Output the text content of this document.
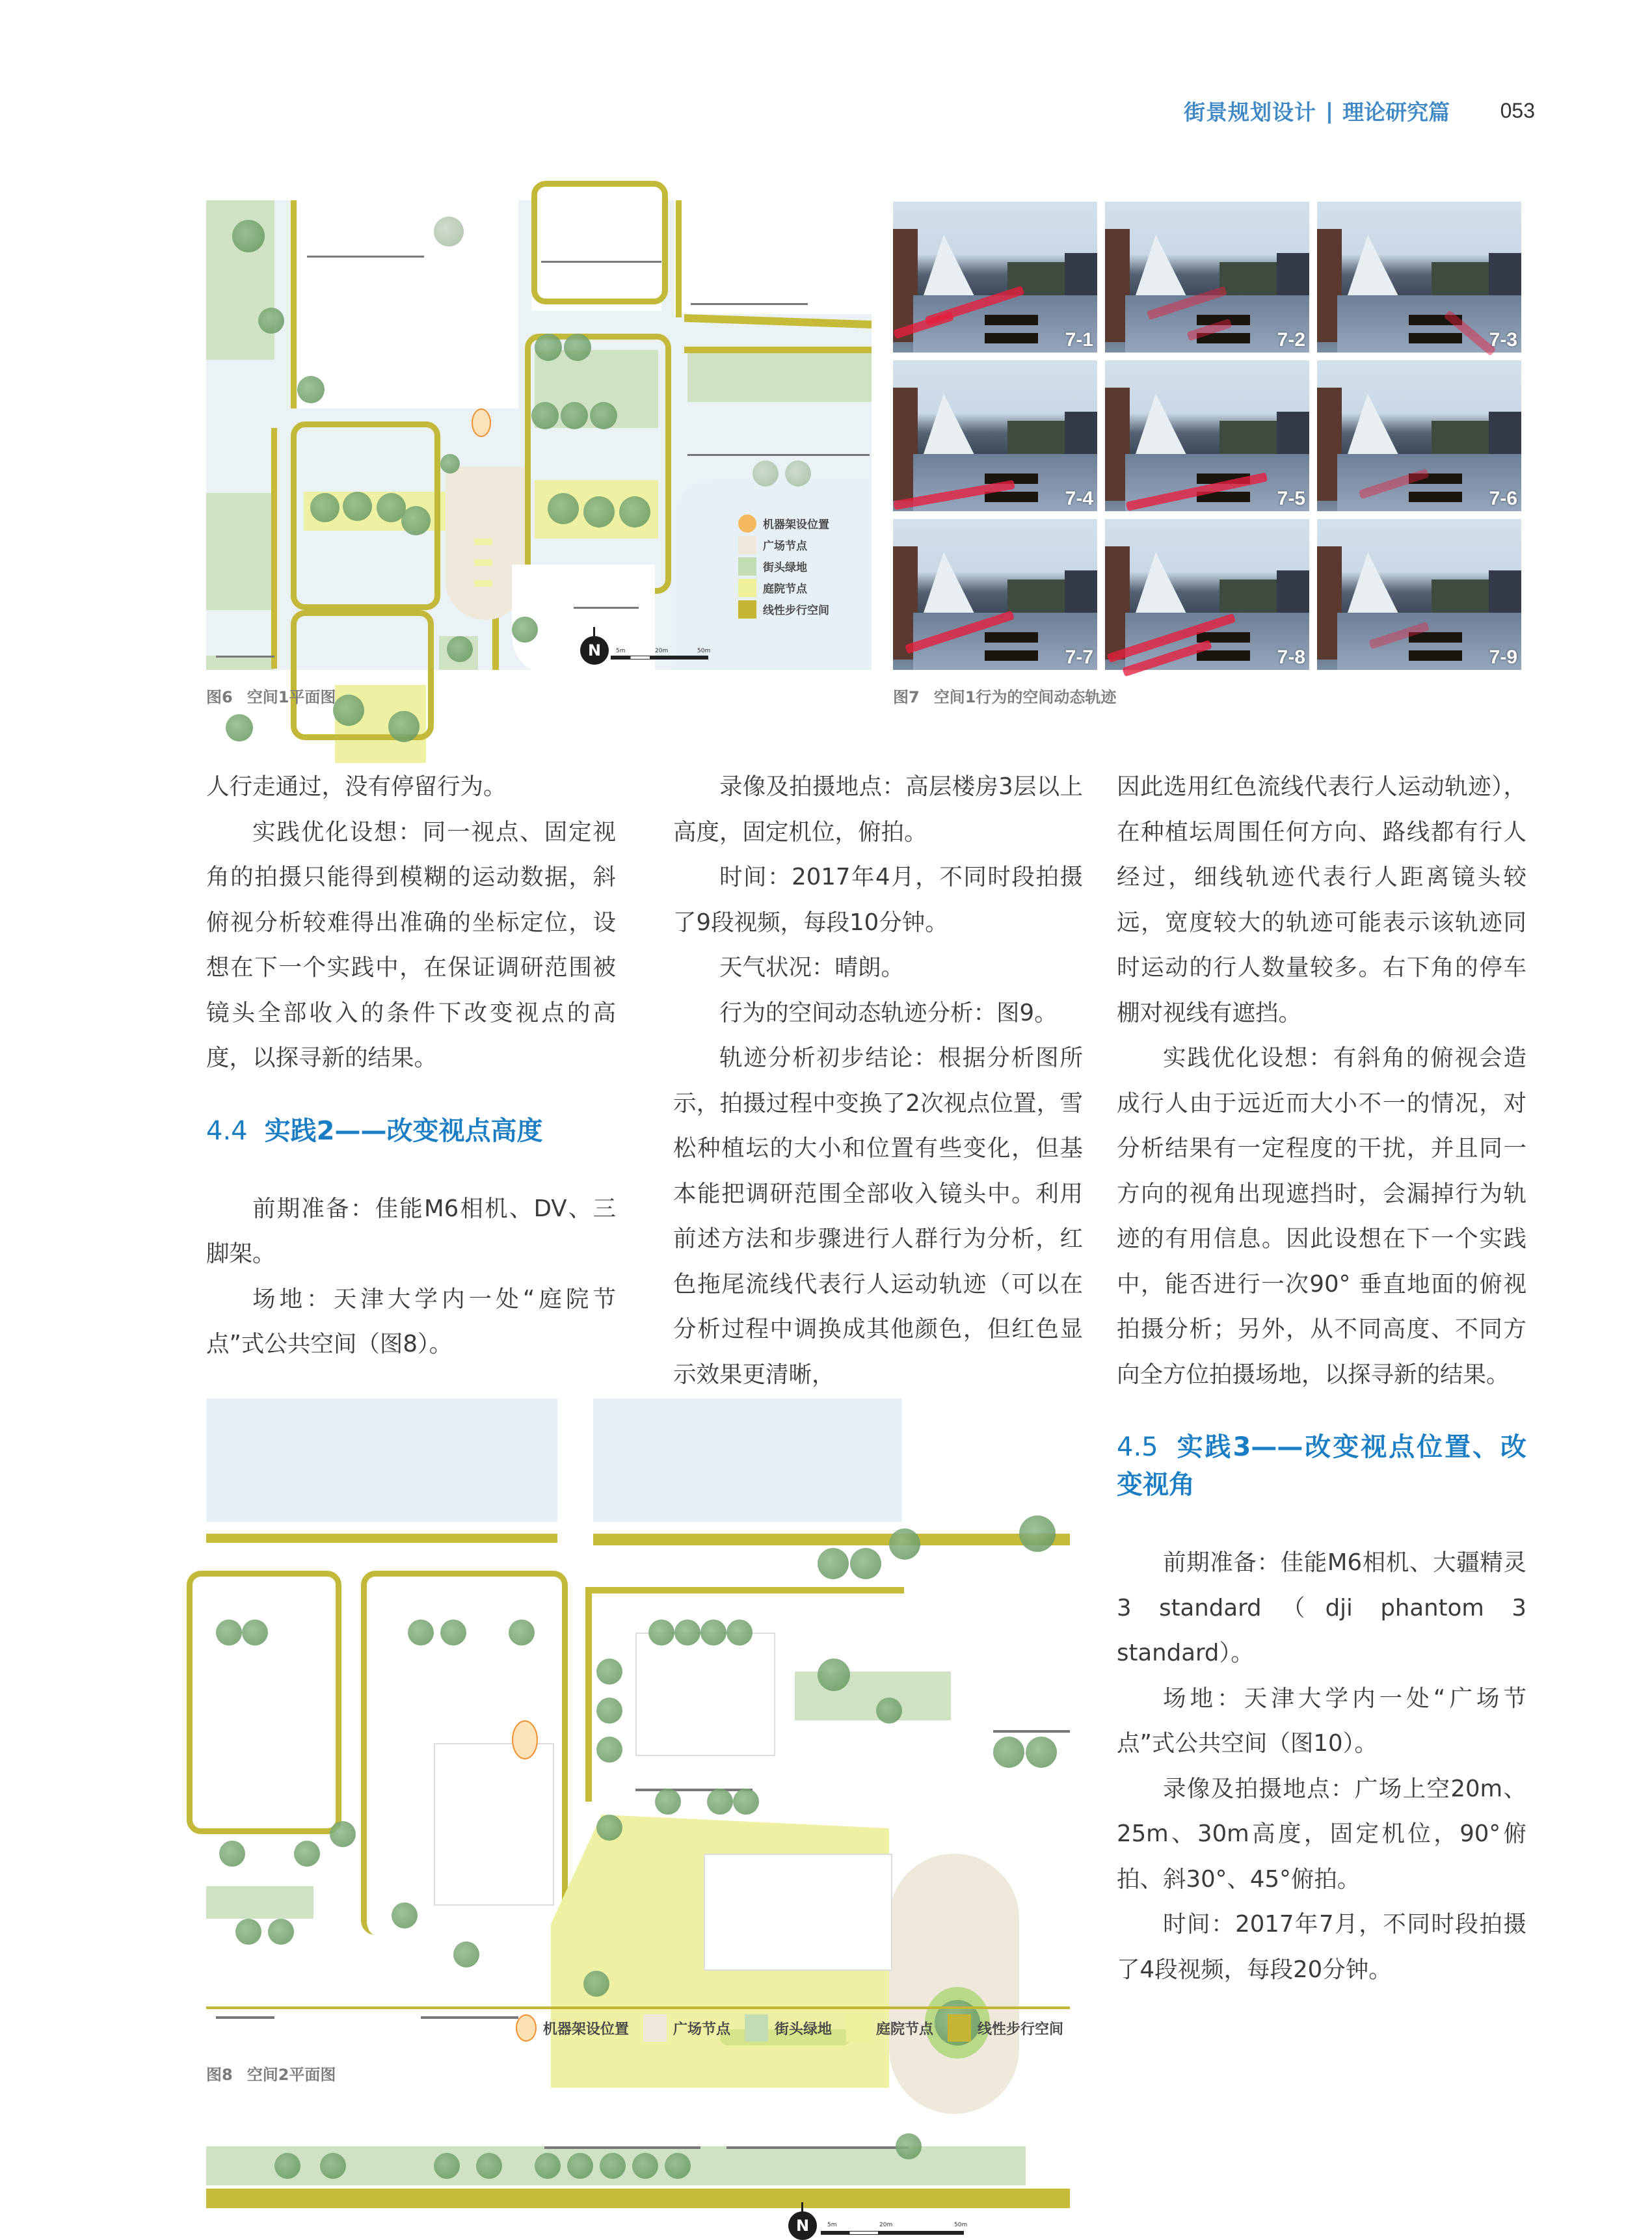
街景规划设计 | 理论研究篇 053
机器架设位置
广场节点
街头绿地
庭院节点
线性步行空间
N	5m	20m	50m
图6 空间1平面图
7-1	7-2	7-3
7-4	7-5	7-6
7-7	7-8	7-9
图7 空间1行为的空间动态轨迹

人行走通过，没有停留行为。

实践优化设想：同一视点、固定视角的拍摄只能得到模糊的运动数据，斜俯视分析较难得出准确的坐标定位，设想在下一个实践中，在保证调研范围被镜头全部收入的条件下改变视点的高度，以探寻新的结果。

4.4 实践2——改变视点高度

前期准备：佳能M6相机、DV、三脚架。

场地：天津大学内一处“庭院节点”式公共空间（图8）。

录像及拍摄地点：高层楼房3层以上高度，固定机位，俯拍。

时间：2017年4月，不同时段拍摄了9段视频，每段10分钟。

天气状况：晴朗。

行为的空间动态轨迹分析：图9。

轨迹分析初步结论：根据分析图所示，拍摄过程中变换了2次视点位置，雪松种植坛的大小和位置有些变化，但基本能把调研范围全部收入镜头中。利用前述方法和步骤进行人群行为分析，红色拖尾流线代表行人运动轨迹（可以在分析过程中调换成其他颜色，但红色显示效果更清晰，

因此选用红色流线代表行人运动轨迹），在种植坛周围任何方向、路线都有行人经过，细线轨迹代表行人距离镜头较远，宽度较大的轨迹可能表示该轨迹同时运动的行人数量较多。右下角的停车棚对视线有遮挡。

实践优化设想：有斜角的俯视会造成行人由于远近而大小不一的情况，对分析结果有一定程度的干扰，并且同一方向的视角出现遮挡时，会漏掉行为轨迹的有用信息。因此设想在下一个实践中，能否进行一次90° 垂直地面的俯视拍摄分析；另外，从不同高度、不同方向全方位拍摄场地，以探寻新的结果。

4.5 实践3——改变视点位置、改变视角

前期准备：佳能M6相机、大疆精灵3 standard（dji phantom 3 standard）。

场地：天津大学内一处“广场节点”式公共空间（图10）。

录像及拍摄地点：广场上空20m、25m、30m高度，固定机位，90°俯拍、斜30°、45°俯拍。

时间：2017年7月，不同时段拍摄了4段视频，每段20分钟。

N	5m	20m	50m
机器架设位置	广场节点	街头绿地	庭院节点	线性步行空间
图8 空间2平面图
